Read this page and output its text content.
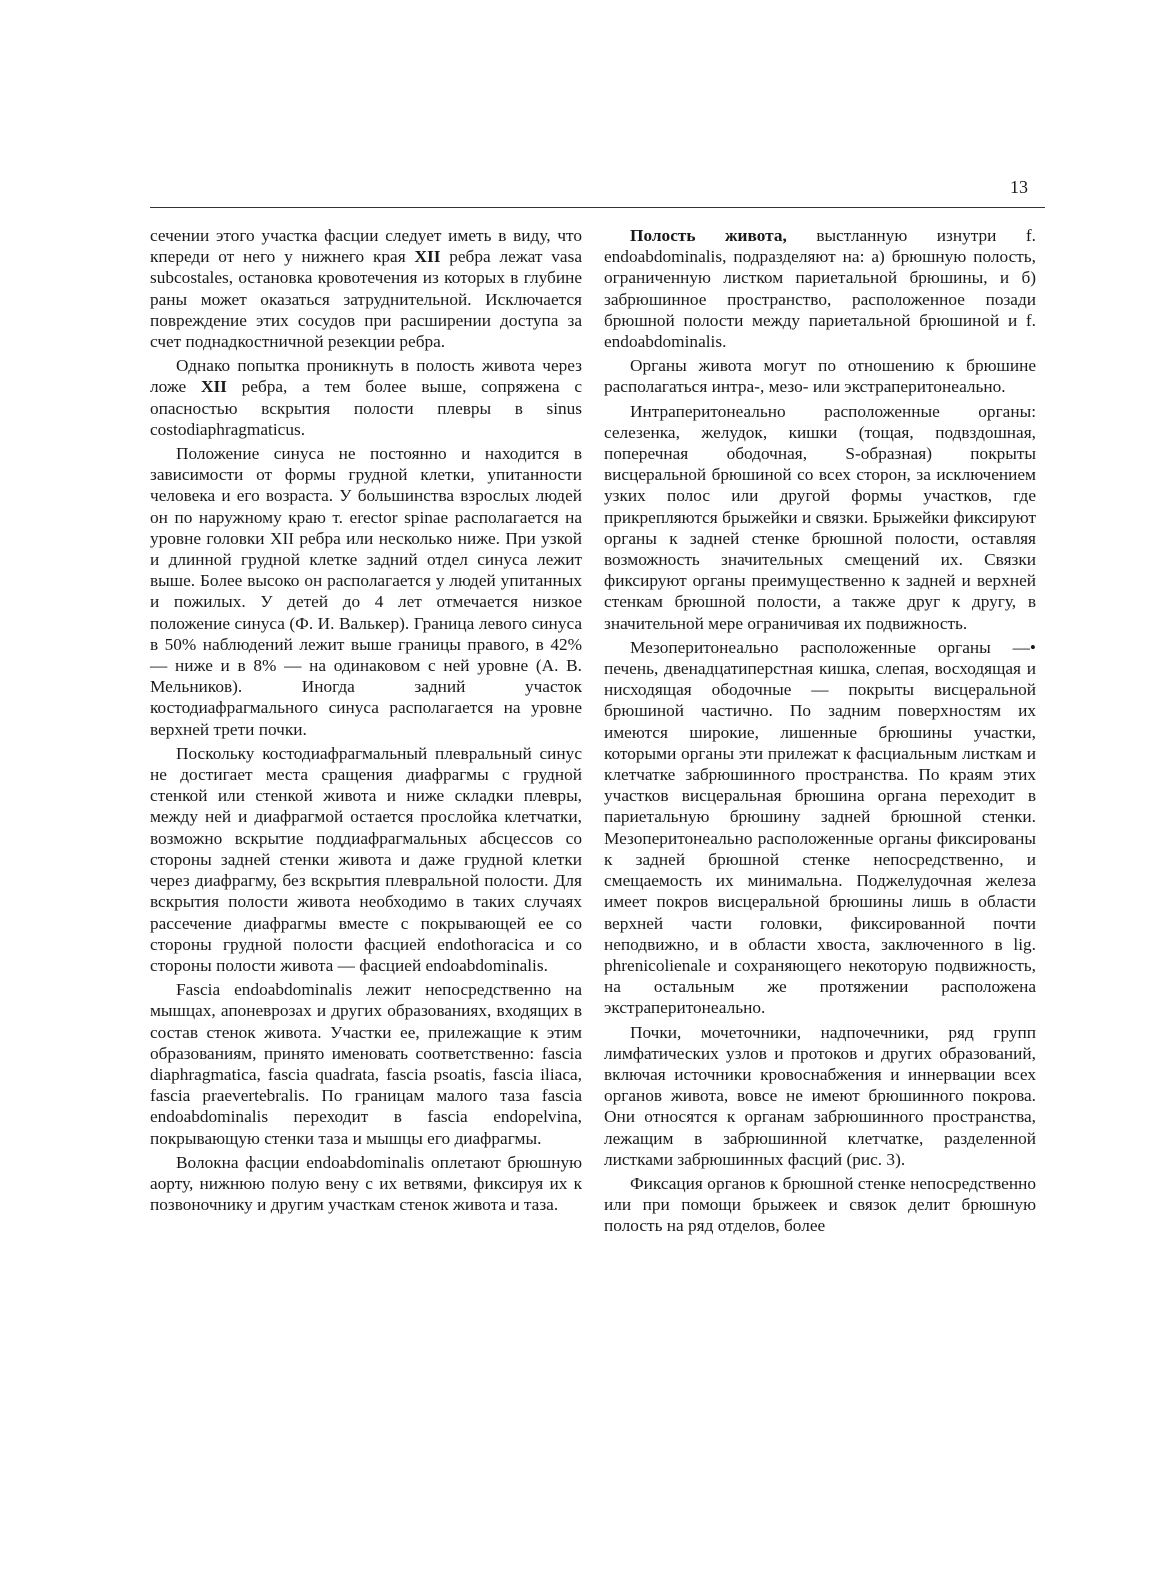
13

сечении этого участка фасции следует иметь в виду, что кпереди от него у нижнего края XII ребра лежат vasa subcostales, остановка кровотечения из которых в глубине раны может оказаться затруднительной. Исключается повреждение этих сосудов при расширении доступа за счет поднадкостничной резекции ребра.

Однако попытка проникнуть в полость живота через ложе XII ребра, а тем более выше, сопряжена с опасностью вскрытия полости плевры в sinus costodiaphragmaticus.

Положение синуса не постоянно и находится в зависимости от формы грудной клетки, упитанности человека и его возраста. У большинства взрослых людей он по наружному краю т. erector spinae располагается на уровне головки XII ребра или несколько ниже. При узкой и длинной грудной клетке задний отдел синуса лежит выше. Более высоко он располагается у людей упитанных и пожилых. У детей до 4 лет отмечается низкое положение синуса (Ф. И. Валькер). Граница левого синуса в 50% наблюдений лежит выше границы правого, в 42% — ниже и в 8% — на одинаковом с ней уровне (А. В. Мельников). Иногда задний участок костодиафрагмального синуса располагается на уровне верхней трети почки.

Поскольку костодиафрагмальный плевральный синус не достигает места сращения диафрагмы с грудной стенкой или стенкой живота и ниже складки плевры, между ней и диафрагмой остается прослойка клетчатки, возможно вскрытие поддиафрагмальных абсцессов со стороны задней стенки живота и даже грудной клетки через диафрагму, без вскрытия плевральной полости. Для вскрытия полости живота необходимо в таких случаях рассечение диафрагмы вместе с покрывающей ее со стороны грудной полости фасцией endothoracica и со стороны полости живота — фасцией endoabdominalis.

Fascia endoabdominalis лежит непосредственно на мышцах, апоневрозах и других образованиях, входящих в состав стенок живота. Участки ее, прилежащие к этим образованиям, принято именовать соответственно: fascia diaphragmatica, fascia quadrata, fascia psoatis, fascia iliaca, fascia praevertebralis. По границам малого таза fascia endoabdominalis переходит в fascia endopelvina, покрывающую стенки таза и мышцы его диафрагмы.

Волокна фасции endoabdominalis оплетают брюшную аорту, нижнюю полую вену с их ветвями, фиксируя их к позвоночнику и другим участкам стенок живота и таза.

Полость живота, выстланную изнутри f. endoabdominalis, подразделяют на: а) брюшную полость, ограниченную листком париетальной брюшины, и б) забрюшинное пространство, расположенное позади брюшной полости между париетальной брюшиной и f. endoabdominalis.

Органы живота могут по отношению к брюшине располагаться интра-, мезо- или экстраперитонеально.

Интраперитонеально расположенные органы: селезенка, желудок, кишки (тощая, подвздошная, поперечная ободочная, S-образная) покрыты висцеральной брюшиной со всех сторон, за исключением узких полос или другой формы участков, где прикрепляются брыжейки и связки. Брыжейки фиксируют органы к задней стенке брюшной полости, оставляя возможность значительных смещений их. Связки фиксируют органы преимущественно к задней и верхней стенкам брюшной полости, а также друг к другу, в значительной мере ограничивая их подвижность.

Мезоперитонеально расположенные органы —• печень, двенадцатиперстная кишка, слепая, восходящая и нисходящая ободочные — покрыты висцеральной брюшиной частично. По задним поверхностям их имеются широкие, лишенные брюшины участки, которыми органы эти прилежат к фасциальным листкам и клетчатке забрюшинного пространства. По краям этих участков висцеральная брюшина органа переходит в париетальную брюшину задней брюшной стенки. Мезоперитонеально расположенные органы фиксированы к задней брюшной стенке непосредственно, и смещаемость их минимальна. Поджелудочная железа имеет покров висцеральной брюшины лишь в области верхней части головки, фиксированной почти неподвижно, и в области хвоста, заключенного в lig. phrenicolienale и сохраняющего некоторую подвижность, на остальным же протяжении расположена экстраперитонеально.

Почки, мочеточники, надпочечники, ряд групп лимфатических узлов и протоков и других образований, включая источники кровоснабжения и иннервации всех органов живота, вовсе не имеют брюшинного покрова. Они относятся к органам забрюшинного пространства, лежащим в забрюшинной клетчатке, разделенной листками забрюшинных фасций (рис. 3).

Фиксация органов к брюшной стенке непосредственно или при помощи брыжеек и связок делит брюшную полость на ряд отделов, более
